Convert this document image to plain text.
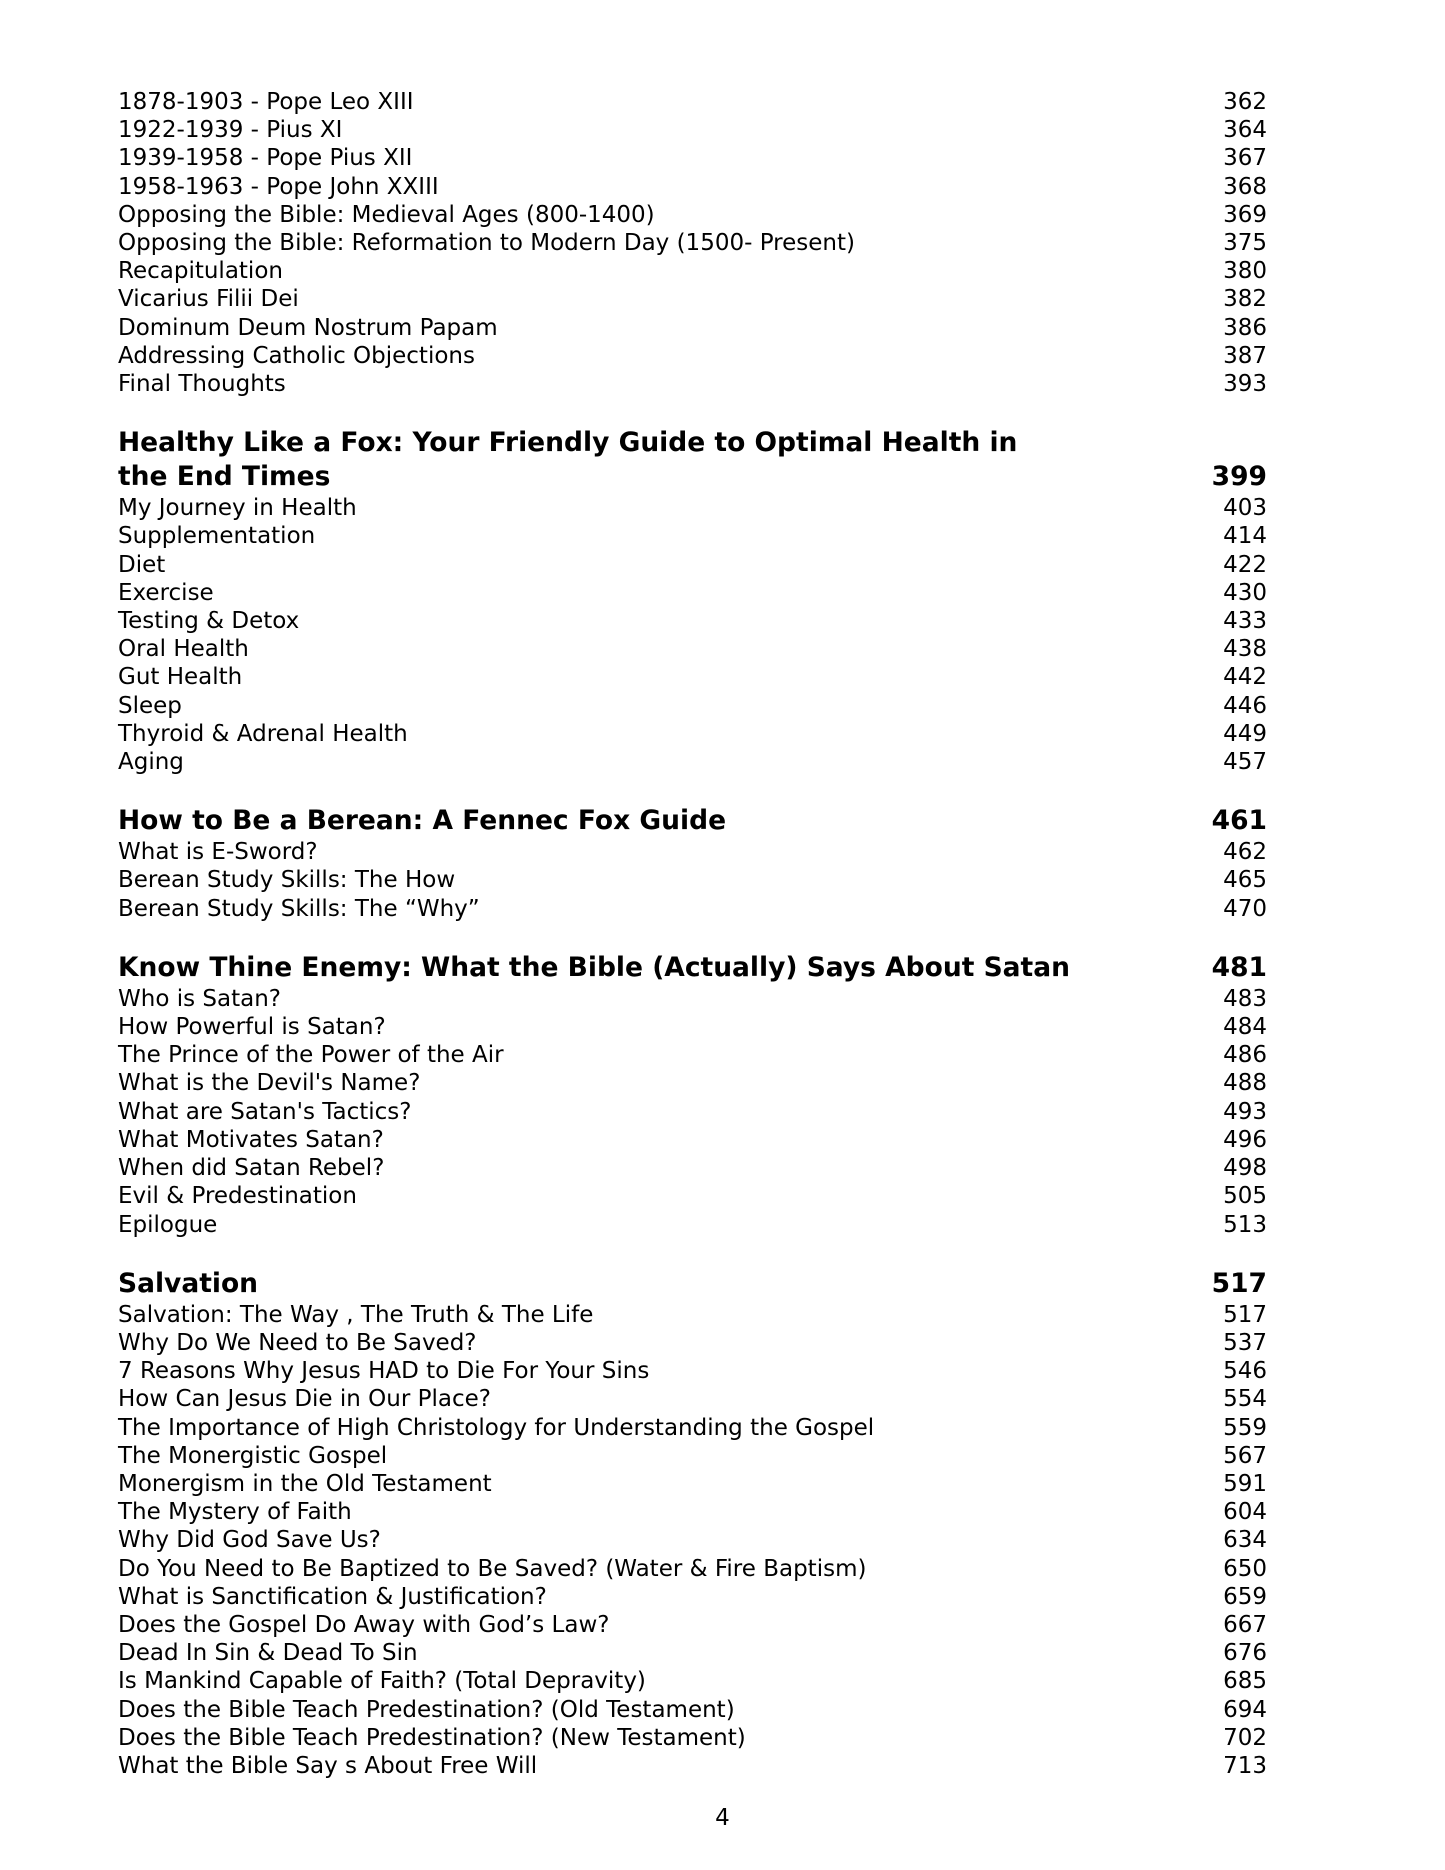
1878-1903 - Pope Leo XIII	362
1922-1939 - Pius XI	364
1939-1958 - Pope Pius XII	367
1958-1963 - Pope John XXIII	368
Opposing the Bible: Medieval Ages (800-1400)	369
Opposing the Bible: Reformation to Modern Day (1500- Present)	375
Recapitulation	380
Vicarius Filii Dei	382
Dominum Deum Nostrum Papam	386
Addressing Catholic Objections	387
Final Thoughts	393
Healthy Like a Fox: Your Friendly Guide to Optimal Health in the End Times	399
My Journey in Health	403
Supplementation	414
Diet	422
Exercise	430
Testing & Detox	433
Oral Health	438
Gut Health	442
Sleep	446
Thyroid & Adrenal Health	449
Aging	457
How to Be a Berean: A Fennec Fox Guide	461
What is E-Sword?	462
Berean Study Skills: The How	465
Berean Study Skills: The “Why”	470
Know Thine Enemy: What the Bible (Actually) Says About Satan	481
Who is Satan?	483
How Powerful is Satan?	484
The Prince of the Power of the Air	486
What is the Devil's Name?	488
What are Satan's Tactics?	493
What Motivates Satan?	496
When did Satan Rebel?	498
Evil & Predestination	505
Epilogue	513
Salvation	517
Salvation: The Way , The Truth & The Life	517
Why Do We Need to Be Saved?	537
7 Reasons Why Jesus HAD to Die For Your Sins	546
How Can Jesus Die in Our Place?	554
The Importance of High Christology for Understanding the Gospel	559
The Monergistic Gospel	567
Monergism in the Old Testament	591
The Mystery of Faith	604
Why Did God Save Us?	634
Do You Need to Be Baptized to Be Saved? (Water & Fire Baptism)	650
What is Sanctification & Justification?	659
Does the Gospel Do Away with God’s Law?	667
Dead In Sin & Dead To Sin	676
Is Mankind Capable of Faith? (Total Depravity)	685
Does the Bible Teach Predestination? (Old Testament)	694
Does the Bible Teach Predestination? (New Testament)	702
What the Bible Say s About Free Will	713
4
